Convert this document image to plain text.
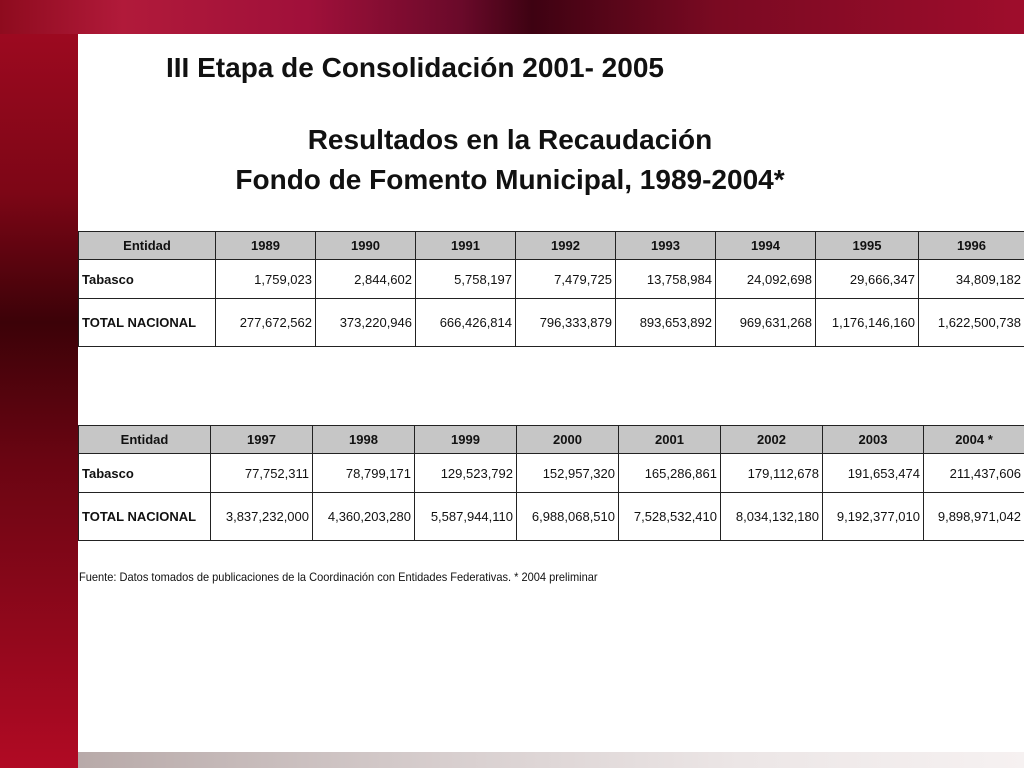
III Etapa de Consolidación 2001- 2005
Resultados en la Recaudación
Fondo de Fomento Municipal, 1989-2004*
Entidad	1989	1990	1991	1992	1993	1994	1995	1996
Tabasco	1,759,023	2,844,602	5,758,197	7,479,725	13,758,984	24,092,698	29,666,347	34,809,182
TOTAL NACIONAL	277,672,562	373,220,946	666,426,814	796,333,879	893,653,892	969,631,268	1,176,146,160	1,622,500,738
Entidad	1997	1998	1999	2000	2001	2002	2003	2004 *
Tabasco	77,752,311	78,799,171	129,523,792	152,957,320	165,286,861	179,112,678	191,653,474	211,437,606
TOTAL NACIONAL	3,837,232,000	4,360,203,280	5,587,944,110	6,988,068,510	7,528,532,410	8,034,132,180	9,192,377,010	9,898,971,042
Fuente: Datos tomados de publicaciones de la Coordinación con Entidades Federativas. * 2004 preliminar
